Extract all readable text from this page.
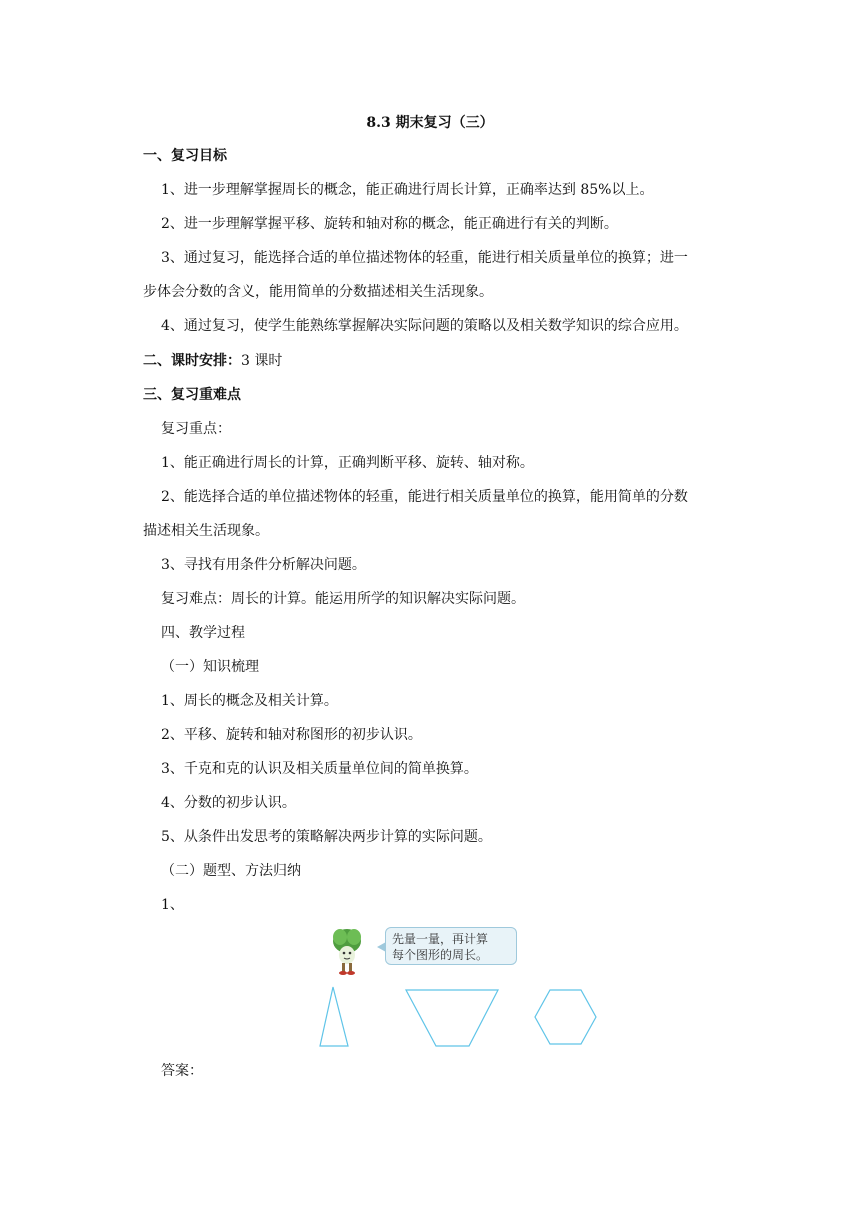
8.3 期末复习（三）
一、复习目标
1、进一步理解掌握周长的概念，能正确进行周长计算，正确率达到 85%以上。
2、进一步理解掌握平移、旋转和轴对称的概念，能正确进行有关的判断。
3、通过复习，能选择合适的单位描述物体的轻重，能进行相关质量单位的换算；进一
步体会分数的含义，能用简单的分数描述相关生活现象。
4、通过复习，使学生能熟练掌握解决实际问题的策略以及相关数学知识的综合应用。
二、课时安排：3 课时
三、复习重难点
复习重点：
1、能正确进行周长的计算，正确判断平移、旋转、轴对称。
2、能选择合适的单位描述物体的轻重，能进行相关质量单位的换算，能用简单的分数
描述相关生活现象。
3、寻找有用条件分析解决问题。
复习难点：周长的计算。能运用所学的知识解决实际问题。
四、教学过程
（一）知识梳理
1、周长的概念及相关计算。
2、平移、旋转和轴对称图形的初步认识。
3、千克和克的认识及相关质量单位间的简单换算。
4、分数的初步认识。
5、从条件出发思考的策略解决两步计算的实际问题。
（二）题型、方法归纳
1、
先量一量，再计算
每个图形的周长。
答案：
